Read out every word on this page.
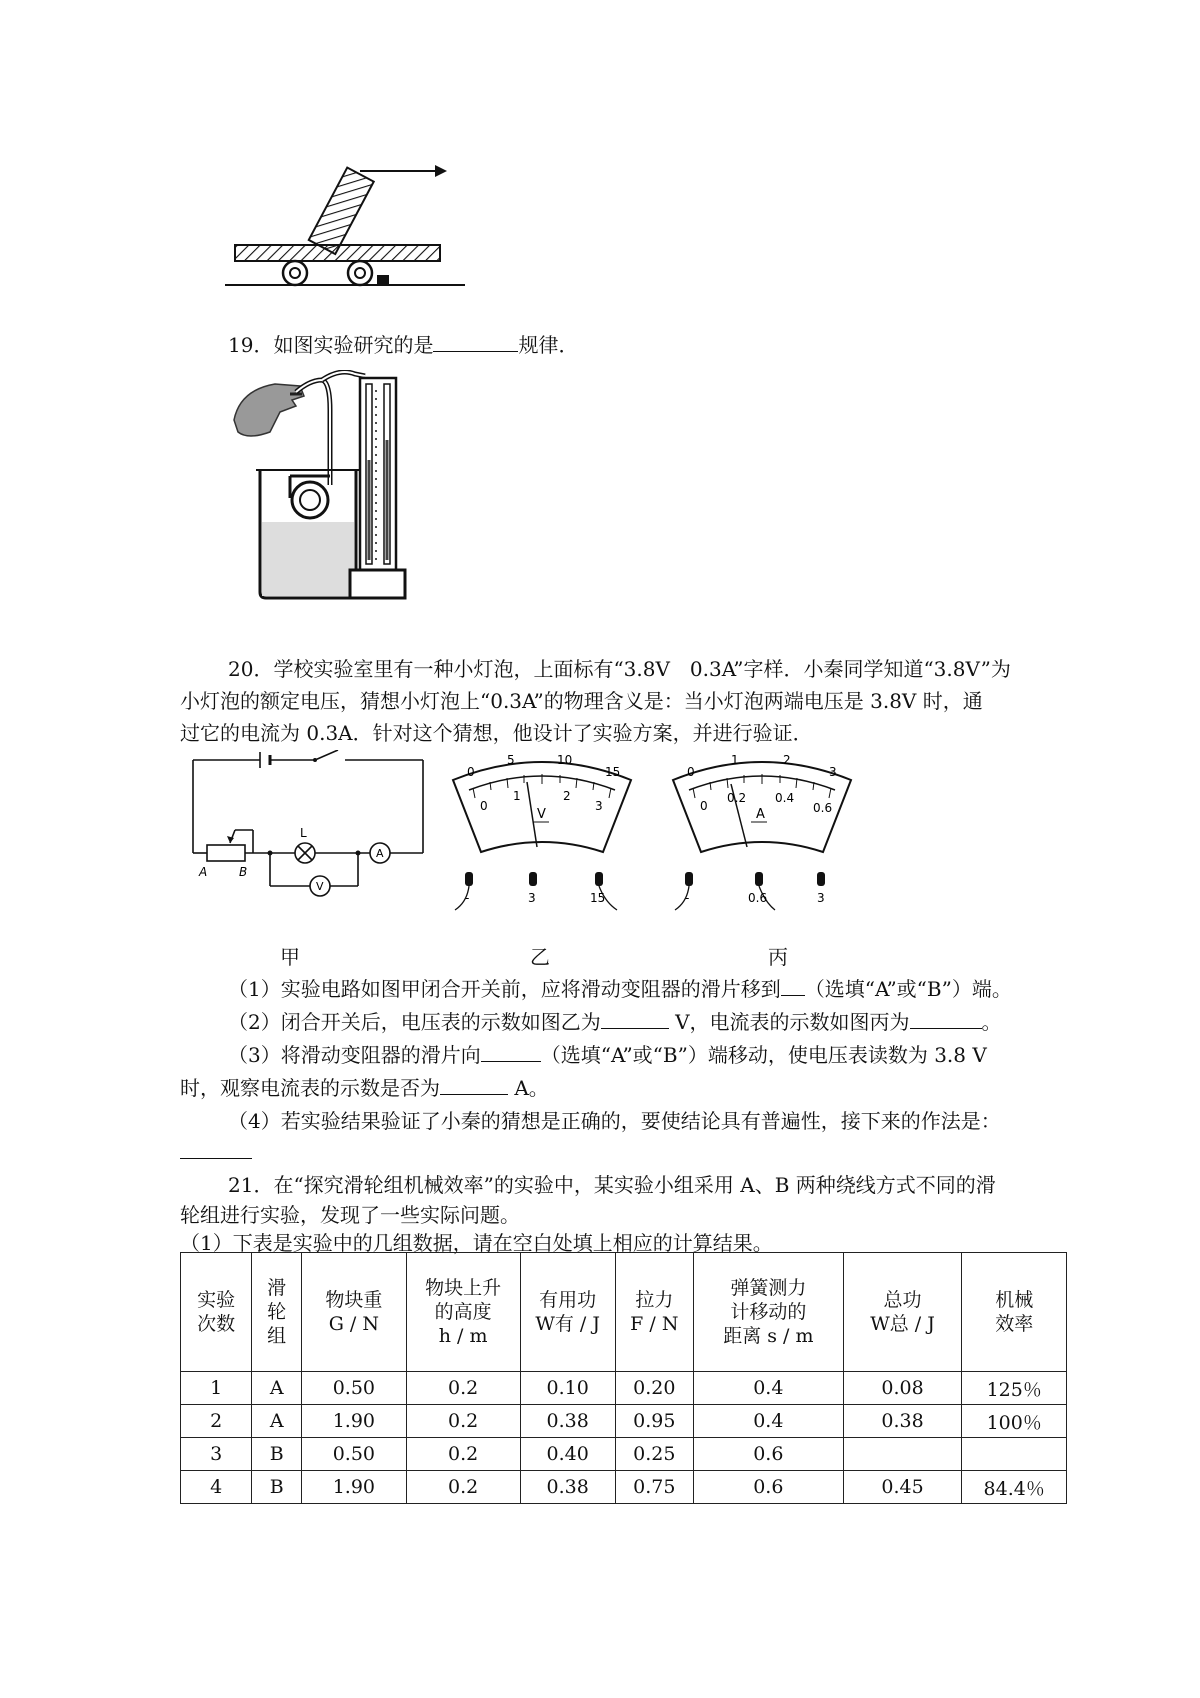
19．如图实验研究的是	规律．
20．学校实验室里有一种小灯泡，上面标有“3.8V　0.3A”字样．小秦同学知道“3.8V”为
小灯泡的额定电压，猜想小灯泡上“0.3A”的物理含义是：当小灯泡两端电压是 3.8V 时，通
过它的电流为 0.3A．针对这个猜想，他设计了实验方案，并进行验证．
L
A	B
A
V
0
5	10
15
0
1	2
3
V
-	3	15
0
1	2
3
0
0.2 0.4
0.6
A
-	0.6	3
甲	乙	丙
（1）实验电路如图甲闭合开关前，应将滑动变阻器的滑片移到 （选填“A”或“B”）端。
（2）闭合开关后，电压表的示数如图乙为	V，电流表的示数如图丙为	。
（3）将滑动变阻器的滑片向	（选填“A”或“B”）端移动，使电压表读数为 3.8 V
时，观察电流表的示数是否为	A。
（4）若实验结果验证了小秦的猜想是正确的，要使结论具有普遍性，接下来的作法是：
21．在“探究滑轮组机械效率”的实验中，某实验小组采用 A、B 两种绕线方式不同的滑
轮组进行实验，发现了一些实际问题。
（1）下表是实验中的几组数据，请在空白处填上相应的计算结果。
实验
次数	滑
轮
组	物块重
G / N	物块上升
的高度
h / m	有用功
W有 / J	拉力
F / N	弹簧测力
计移动的
距离 s / m	总功
W总 / J	机械
效率
1	A	0.50	0.2	0.10	0.20	0.4	0.08	125％
2	A	1.90	0.2	0.38	0.95	0.4	0.38	100％
3	B	0.50	0.2	0.40	0.25	0.6		
4	B	1.90	0.2	0.38	0.75	0.6	0.45	84.4％
